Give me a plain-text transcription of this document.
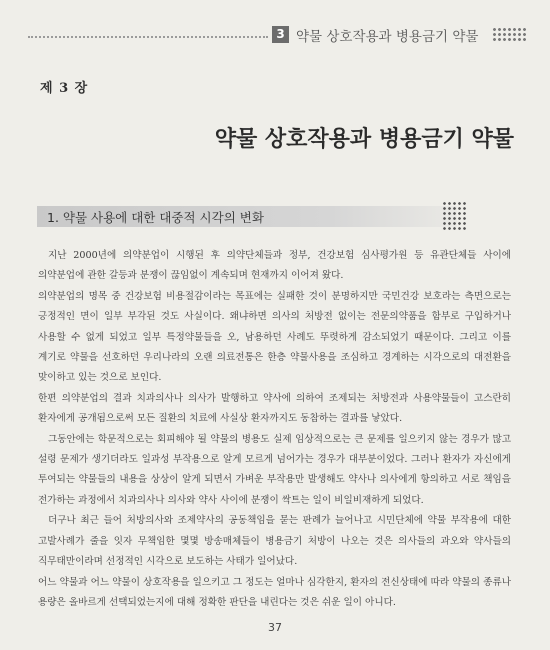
3 약물 상호작용과 병용금기 약물
제 3 장
약물 상호작용과 병용금기 약물
1. 약물 사용에 대한 대중적 시각의 변화

지난 2000년에 의약분업이 시행된 후 의약단체들과 정부, 건강보험 심사평가원 등 유관단체들 사이에 의약분업에 관한 갈등과 분쟁이 끊임없이 계속되며 현재까지 이어져 왔다.

의약분업의 명목 중 건강보험 비용절감이라는 목표에는 실패한 것이 분명하지만 국민건강 보호라는 측면으로는 긍정적인 면이 일부 부각된 것도 사실이다. 왜냐하면 의사의 처방전 없이는 전문의약품을 함부로 구입하거나 사용할 수 없게 되었고 일부 특정약물들을 오, 남용하던 사례도 뚜렷하게 감소되었기 때문이다. 그리고 이를 계기로 약물을 선호하던 우리나라의 오랜 의료전통은 한층 약물사용을 조심하고 경계하는 시각으로의 대전환을 맞이하고 있는 것으로 보인다.

한편 의약분업의 결과 치과의사나 의사가 발행하고 약사에 의하여 조제되는 처방전과 사용약물들이 고스란히 환자에게 공개됨으로써 모든 질환의 치료에 사실상 환자까지도 동참하는 결과를 낳았다.

그동안에는 학문적으로는 회피해야 될 약물의 병용도 실제 임상적으로는 큰 문제를 일으키지 않는 경우가 많고 설령 문제가 생기더라도 일과성 부작용으로 알게 모르게 넘어가는 경우가 대부분이었다. 그러나 환자가 자신에게 투여되는 약물들의 내용을 상상이 알게 되면서 가벼운 부작용만 발생해도 약사나 의사에게 항의하고 서로 책임을 전가하는 과정에서 치과의사나 의사와 약사 사이에 분쟁이 싹트는 일이 비일비재하게 되었다.

더구나 최근 들어 처방의사와 조제약사의 공동책임을 묻는 판례가 늘어나고 시민단체에 약물 부작용에 대한 고발사례가 줄을 잇자 무책임한 몇몇 방송매체들이 병용금기 처방이 나오는 것은 의사들의 과오와 약사들의 직무태만이라며 선정적인 시각으로 보도하는 사태가 일어났다.

어느 약물과 어느 약물이 상호작용을 일으키고 그 정도는 얼마나 심각한지, 환자의 전신상태에 따라 약물의 종류나 용량은 올바르게 선택되었는지에 대해 정확한 판단을 내린다는 것은 쉬운 일이 아니다.

37
